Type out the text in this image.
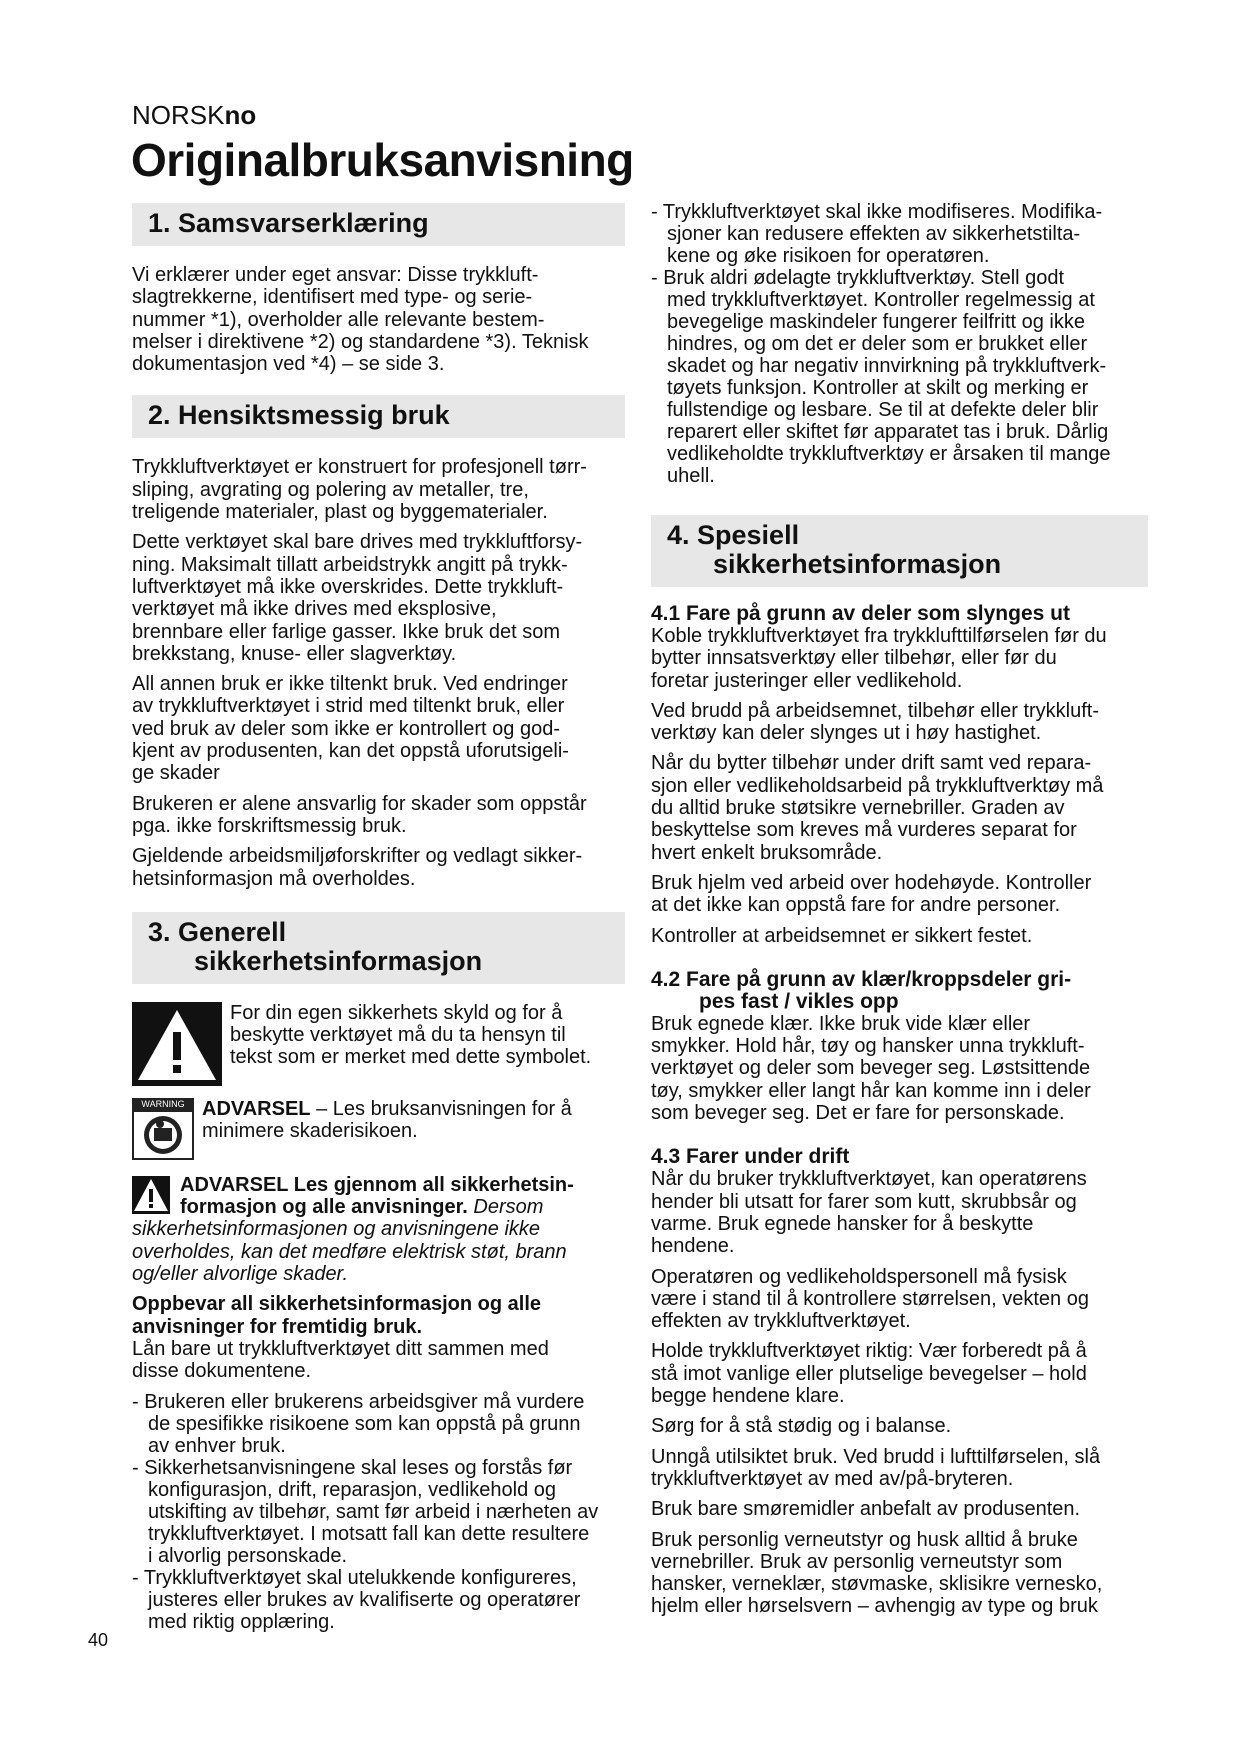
NORSKno
Originalbruksanvisning
1. Samsvarserklæring

Vi erklærer under eget ansvar: Disse trykkluft-
slagtrekkerne, identifisert med type- og serie-
nummer *1), overholder alle relevante bestem-
melser i direktivene *2) og standardene *3). Teknisk
dokumentasjon ved *4) – se side 3.

2. Hensiktsmessig bruk

Trykkluftverktøyet er konstruert for profesjonell tørr-
sliping, avgrating og polering av metaller, tre,
treligende materialer, plast og byggematerialer.

Dette verktøyet skal bare drives med trykkluftforsy-
ning. Maksimalt tillatt arbeidstrykk angitt på trykk-
luftverktøyet må ikke overskrides. Dette trykkluft-
verktøyet må ikke drives med eksplosive,
brennbare eller farlige gasser. Ikke bruk det som
brekkstang, knuse- eller slagverktøy.

All annen bruk er ikke tiltenkt bruk. Ved endringer
av trykkluftverktøyet i strid med tiltenkt bruk, eller
ved bruk av deler som ikke er kontrollert og god-
kjent av produsenten, kan det oppstå uforutsigeli-
ge skader

Brukeren er alene ansvarlig for skader som oppstår
pga. ikke forskriftsmessig bruk.

Gjeldende arbeidsmiljøforskrifter og vedlagt sikker-
hetsinformasjon må overholdes.

3. Generell
sikkerhetsinformasjon

For din egen sikkerhets skyld og for å
beskytte verktøyet må du ta hensyn til
tekst som er merket med dette symbolet.

WARNING ADVARSEL – Les bruksanvisningen for å
minimere skaderisikoen.

ADVARSEL Les gjennom all sikkerhetsin-
formasjon og alle anvisninger. Dersom

sikkerhetsinformasjonen og anvisningene ikke
overholdes, kan det medføre elektrisk støt, brann
og/eller alvorlige skader.

Oppbevar all sikkerhetsinformasjon og alle
anvisninger for fremtidig bruk.
Lån bare ut trykkluftverktøyet ditt sammen med
disse dokumentene.

- Brukeren eller brukerens arbeidsgiver må vurdere
de spesifikke risikoene som kan oppstå på grunn
av enhver bruk.
- Sikkerhetsanvisningene skal leses og forstås før
konfigurasjon, drift, reparasjon, vedlikehold og
utskifting av tilbehør, samt før arbeid i nærheten av
trykkluftverktøyet. I motsatt fall kan dette resultere
i alvorlig personskade.
- Trykkluftverktøyet skal utelukkende konfigureres,
justeres eller brukes av kvalifiserte og operatører
med riktig opplæring.
- Trykkluftverktøyet skal ikke modifiseres. Modifika-
sjoner kan redusere effekten av sikkerhetstilta-
kene og øke risikoen for operatøren.
- Bruk aldri ødelagte trykkluftverktøy. Stell godt
med trykkluftverktøyet. Kontroller regelmessig at
bevegelige maskindeler fungerer feilfritt og ikke
hindres, og om det er deler som er brukket eller
skadet og har negativ innvirkning på trykkluftverk-
tøyets funksjon. Kontroller at skilt og merking er
fullstendige og lesbare. Se til at defekte deler blir
reparert eller skiftet før apparatet tas i bruk. Dårlig
vedlikeholdte trykkluftverktøy er årsaken til mange
uhell.
4. Spesiell
sikkerhetsinformasjon
4.1 Fare på grunn av deler som slynges ut

Koble trykkluftverktøyet fra trykklufttilførselen før du
bytter innsatsverktøy eller tilbehør, eller før du
foretar justeringer eller vedlikehold.

Ved brudd på arbeidsemnet, tilbehør eller trykkluft-
verktøy kan deler slynges ut i høy hastighet.

Når du bytter tilbehør under drift samt ved repara-
sjon eller vedlikeholdsarbeid på trykkluftverktøy må
du alltid bruke støtsikre vernebriller. Graden av
beskyttelse som kreves må vurderes separat for
hvert enkelt bruksområde.

Bruk hjelm ved arbeid over hodehøyde. Kontroller
at det ikke kan oppstå fare for andre personer.

Kontroller at arbeidsemnet er sikkert festet.

4.2 Fare på grunn av klær/kroppsdeler gri-
pes fast / vikles opp

Bruk egnede klær. Ikke bruk vide klær eller
smykker. Hold hår, tøy og hansker unna trykkluft-
verktøyet og deler som beveger seg. Løstsittende
tøy, smykker eller langt hår kan komme inn i deler
som beveger seg. Det er fare for personskade.

4.3 Farer under drift

Når du bruker trykkluftverktøyet, kan operatørens
hender bli utsatt for farer som kutt, skrubbsår og
varme. Bruk egnede hansker for å beskytte
hendene.

Operatøren og vedlikeholdspersonell må fysisk
være i stand til å kontrollere størrelsen, vekten og
effekten av trykkluftverktøyet.

Holde trykkluftverktøyet riktig: Vær forberedt på å
stå imot vanlige eller plutselige bevegelser – hold
begge hendene klare.

Sørg for å stå stødig og i balanse.

Unngå utilsiktet bruk. Ved brudd i lufttilførselen, slå
trykkluftverktøyet av med av/på-bryteren.

Bruk bare smøremidler anbefalt av produsenten.

Bruk personlig verneutstyr og husk alltid å bruke
vernebriller. Bruk av personlig verneutstyr som
hansker, verneklær, støvmaske, sklisikre vernesko,
hjelm eller hørselsvern – avhengig av type og bruk

40
